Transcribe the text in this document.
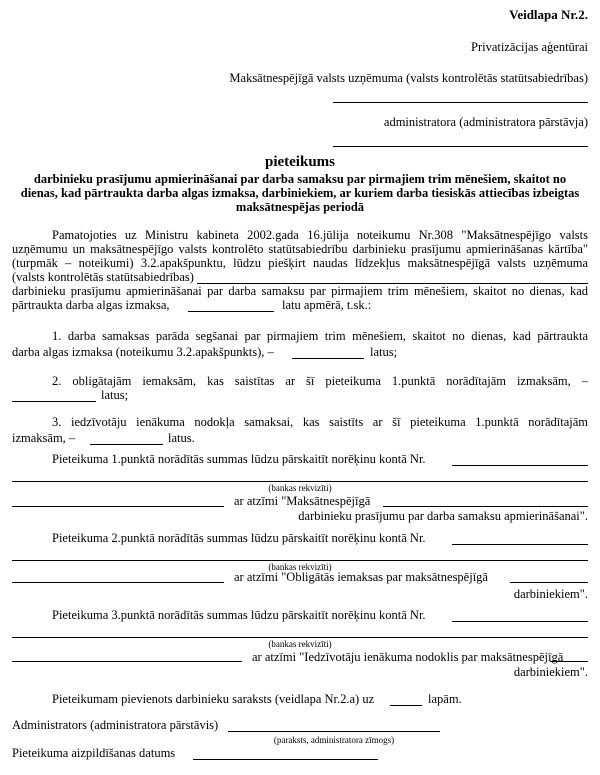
Veidlapa Nr.2.
Privatizācijas aģentūrai
Maksātnespējīgā valsts uzņēmuma (valsts kontrolētās statūtsabiedrības)
administratora (administratora pārstāvja)
pieteikums
darbinieku prasījumu apmierināšanai par darba samaksu par pirmajiem trim mēnešiem, skaitot no
dienas, kad pārtraukta darba algas izmaksa, darbiniekiem, ar kuriem darba tiesiskās attiecības izbeigtas
maksātnespējas periodā
Pamatojoties uz Ministru kabineta 2002.gada 16.jūlija noteikumu Nr.308 "Maksātnespējīgo valsts
uzņēmumu un maksātnespējīgo valsts kontrolēto statūtsabiedrību darbinieku prasījumu apmierināšanas kārtība"
(turpmāk – noteikumi) 3.2.apakšpunktu, lūdzu piešķirt naudas līdzekļus maksātnespējīgā valsts uzņēmuma
(valsts kontrolētās statūtsabiedrības)
darbinieku prasījumu apmierināšanai par darba samaksu par pirmajiem trim mēnešiem, skaitot no dienas, kad
pārtraukta darba algas izmaksa,	latu apmērā, t.sk.:
1. darba samaksas parāda segšanai par pirmajiem trim mēnešiem, skaitot no dienas, kad pārtraukta
darba algas izmaksa (noteikumu 3.2.apakšpunkts), –	latus;
2. obligātajām iemaksām, kas saistītas ar šī pieteikuma 1.punktā norādītajām izmaksām, –
latus;
3. iedzīvotāju ienākuma nodokļa samaksai, kas saistīts ar šī pieteikuma 1.punktā norādītajām
izmaksām, –	latus.
Pieteikuma 1.punktā norādītās summas lūdzu pārskaitīt norēķinu kontā Nr.
(bankas rekvizīti)
ar atzīmi "Maksātnespējīgā
darbinieku prasījumu par darba samaksu apmierināšanai".
Pieteikuma 2.punktā norādītās summas lūdzu pārskaitīt norēķinu kontā Nr.
(bankas rekvizīti)
ar atzīmi "Obligātās iemaksas par maksātnespējīgā
darbiniekiem".
Pieteikuma 3.punktā norādītās summas lūdzu pārskaitīt norēķinu kontā Nr.
(bankas rekvizīti)
ar atzīmi "Iedzīvotāju ienākuma nodoklis par maksātnespējīgā
darbiniekiem".
Pieteikumam pievienots darbinieku saraksts (veidlapa Nr.2.a) uz	lapām.
Administrators (administratora pārstāvis)
(paraksts, administratora zīmogs)
Pieteikuma aizpildīšanas datums
